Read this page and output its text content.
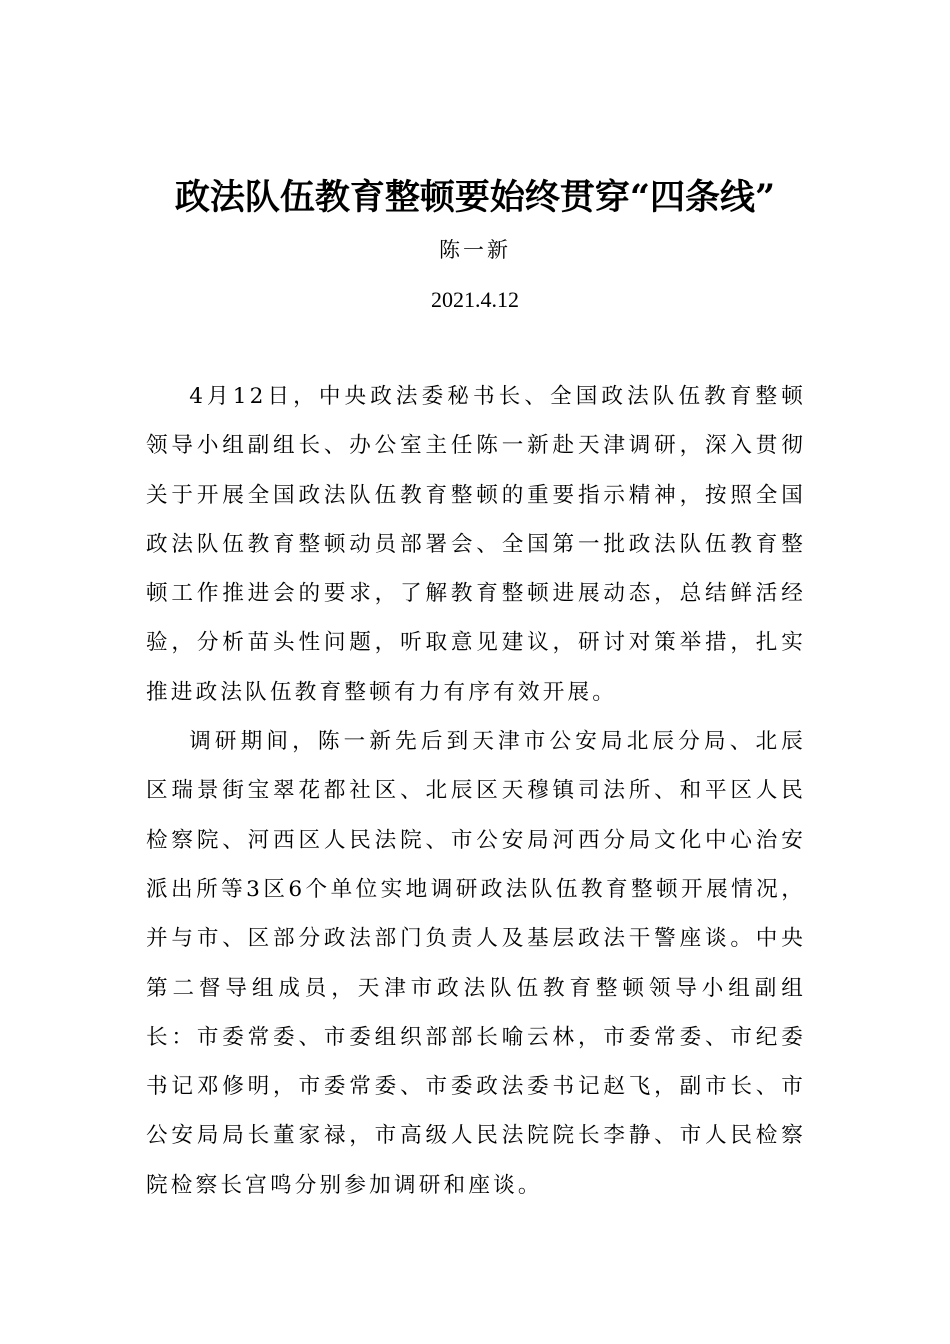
政法队伍教育整顿要始终贯穿“四条线”
陈一新
2021.4.12

4月12日，中央政法委秘书长、全国政法队伍教育整顿领导小组副组长、办公室主任陈一新赴天津调研，深入贯彻关于开展全国政法队伍教育整顿的重要指示精神，按照全国政法队伍教育整顿动员部署会、全国第一批政法队伍教育整顿工作推进会的要求，了解教育整顿进展动态，总结鲜活经验，分析苗头性问题，听取意见建议，研讨对策举措，扎实推进政法队伍教育整顿有力有序有效开展。

调研期间，陈一新先后到天津市公安局北辰分局、北辰区瑞景街宝翠花都社区、北辰区天穆镇司法所、和平区人民检察院、河西区人民法院、市公安局河西分局文化中心治安派出所等3区6个单位实地调研政法队伍教育整顿开展情况，并与市、区部分政法部门负责人及基层政法干警座谈。中央第二督导组成员，天津市政法队伍教育整顿领导小组副组长：市委常委、市委组织部部长喻云林，市委常委、市纪委书记邓修明，市委常委、市委政法委书记赵飞，副市长、市公安局局长董家禄，市高级人民法院院长李静、市人民检察院检察长宫鸣分别参加调研和座谈。
